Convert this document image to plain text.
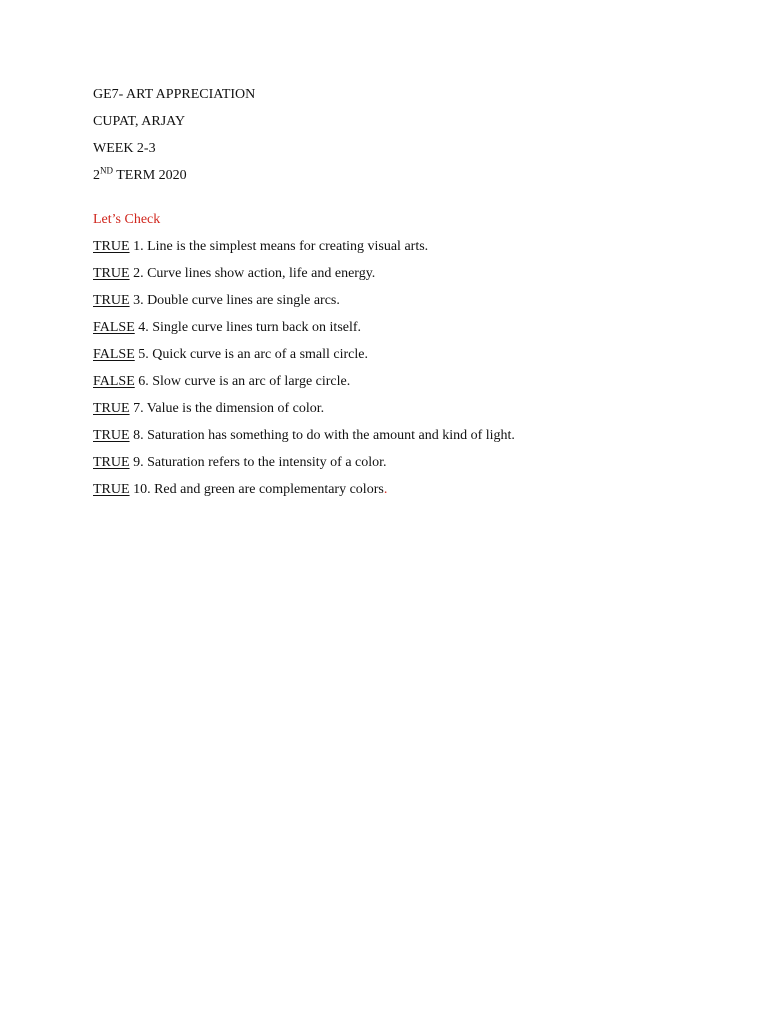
GE7- ART APPRECIATION
CUPAT, ARJAY
WEEK 2-3
2ND TERM 2020
Let’s Check
TRUE 1. Line is the simplest means for creating visual arts.
TRUE 2. Curve lines show action, life and energy.
TRUE 3. Double curve lines are single arcs.
FALSE 4. Single curve lines turn back on itself.
FALSE 5. Quick curve is an arc of a small circle.
FALSE 6. Slow curve is an arc of large circle.
TRUE 7. Value is the dimension of color.
TRUE 8. Saturation has something to do with the amount and kind of light.
TRUE 9. Saturation refers to the intensity of a color.
TRUE 10. Red and green are complementary colors.
